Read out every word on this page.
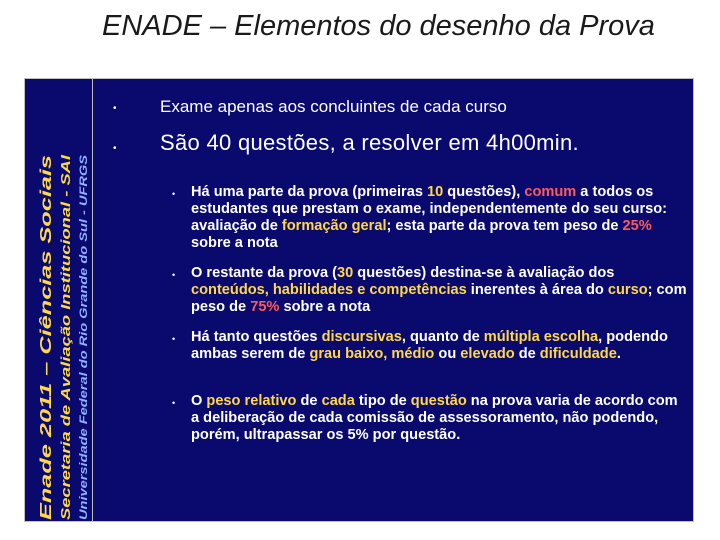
ENADE – Elementos do desenho da Prova
Enade 2011 – Ciências Sociais Secretaria de Avaliação Institucional - SAI Universidade Federal do Rio Grande do Sul - UFRGS
•	Exame apenas aos concluintes de cada curso
• São 40 questões, a resolver em 4h00min.
• Há uma parte da prova (primeiras 10 questões), comum a todos os estudantes que prestam o exame, independentemente do seu curso: avaliação de formação geral; esta parte da prova tem peso de 25% sobre a nota
• O restante da prova (30 questões) destina-se à avaliação dos conteúdos, habilidades e competências inerentes à área do curso; com peso de 75% sobre a nota
• Há tanto questões discursivas, quanto de múltipla escolha, podendo ambas serem de grau baixo, médio ou elevado de dificuldade.
• O peso relativo de cada tipo de questão na prova varia de acordo com a deliberação de cada comissão de assessoramento, não podendo, porém, ultrapassar os 5% por questão.
